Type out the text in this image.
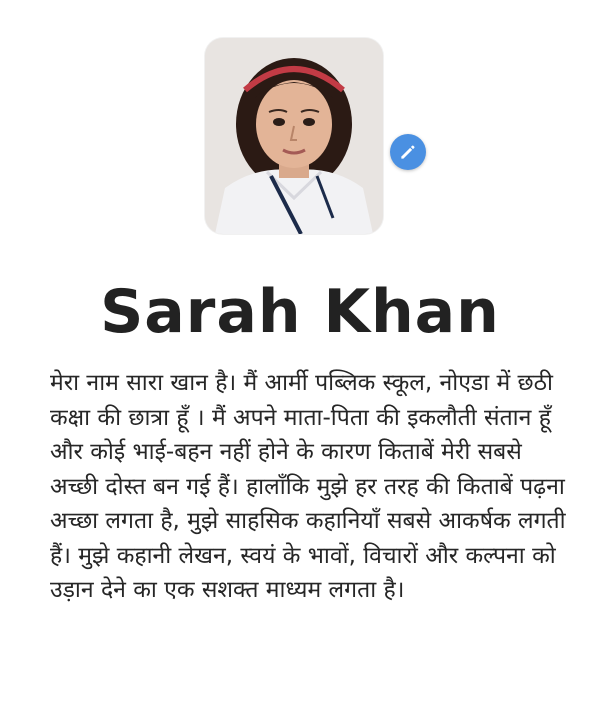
Sarah Khan

मेरा नाम सारा खान है। मैं आर्मी पब्लिक स्कूल, नोएडा में छठी कक्षा की छात्रा हूँ । मैं अपने माता-पिता की इकलौती संतान हूँ और कोई भाई-बहन नहीं होने के कारण किताबें मेरी सबसे अच्छी दोस्त बन गई हैं। हालाँकि मुझे हर तरह की किताबें पढ़ना अच्छा लगता है, मुझे साहसिक कहानियाँ सबसे आकर्षक लगती हैं। मुझे कहानी लेखन, स्वयं के भावों, विचारों और कल्पना को उड़ान देने का एक सशक्त माध्यम लगता है।
